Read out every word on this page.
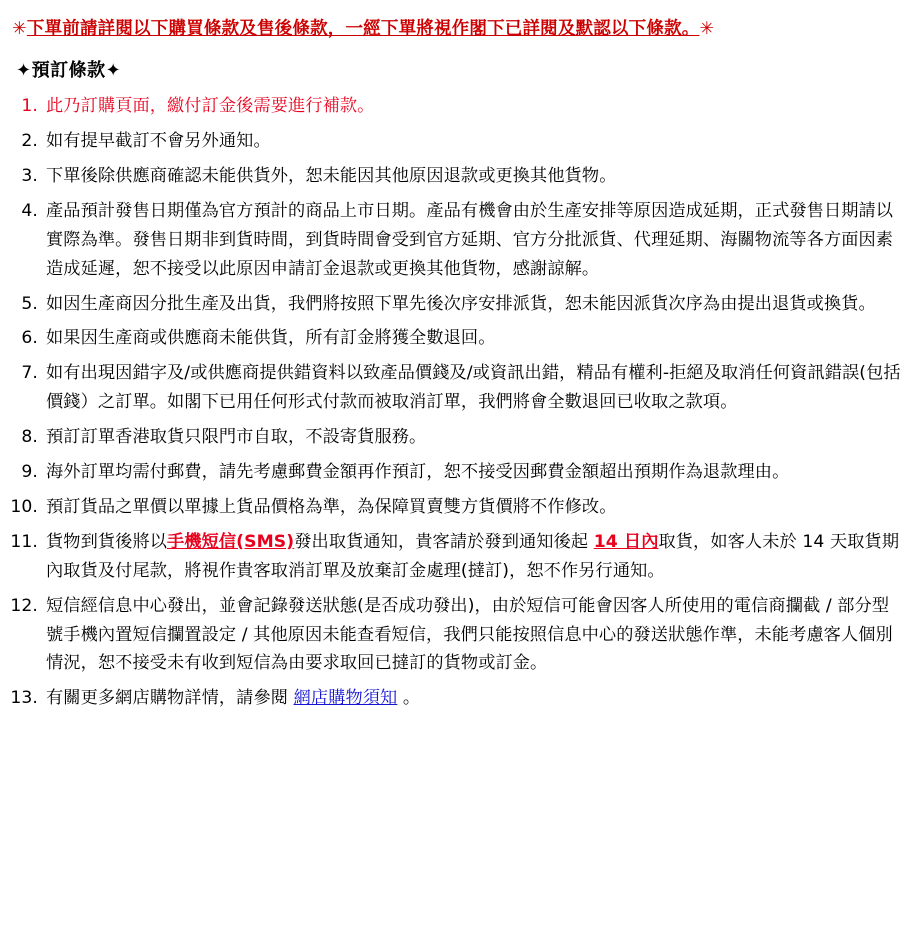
✳下單前請詳閱以下購買條款及售後條款，一經下單將視作閣下已詳閱及默認以下條款。✳
✦預訂條款✦
1. 此乃訂購頁面，繳付訂金後需要進行補款。
2. 如有提早截訂不會另外通知。
3. 下單後除供應商確認未能供貨外，恕未能因其他原因退款或更換其他貨物。
4. 產品預計發售日期僅為官方預計的商品上市日期。產品有機會由於生產安排等原因造成延期，正式發售日期請以實際為準。發售日期非到貨時間，到貨時間會受到官方延期、官方分批派貨、代理延期、海關物流等各方面因素造成延遲，恕不接受以此原因申請訂金退款或更換其他貨物，感謝諒解。
5. 如因生產商因分批生產及出貨，我們將按照下單先後次序安排派貨，恕未能因派貨次序為由提出退貨或換貨。
6. 如果因生產商或供應商未能供貨，所有訂金將獲全數退回。
7. 如有出現因錯字及/或供應商提供錯資料以致產品價錢及/或資訊出錯，精品有權利-拒絕及取消任何資訊錯誤(包括價錢）之訂單。如閣下已用任何形式付款而被取消訂單，我們將會全數退回已收取之款項。
8. 預訂訂單香港取貨只限門市自取，不設寄貨服務。
9. 海外訂單均需付郵費，請先考慮郵費金額再作預訂，恕不接受因郵費金額超出預期作為退款理由。
10. 預訂貨品之單價以單據上貨品價格為準，為保障買賣雙方貨價將不作修改。
11. 貨物到貨後將以手機短信(SMS)發出取貨通知，貴客請於發到通知後起 14 日內取貨，如客人未於 14 天取貨期內取貨及付尾款，將視作貴客取消訂單及放棄訂金處理(撻訂)，恕不作另行通知。
12. 短信經信息中心發出，並會記錄發送狀態(是否成功發出)，由於短信可能會因客人所使用的電信商攔截 / 部分型號手機內置短信攔置設定 / 其他原因未能查看短信，我們只能按照信息中心的發送狀態作準，未能考慮客人個別情況，恕不接受未有收到短信為由要求取回已撻訂的貨物或訂金。
13. 有關更多網店購物詳情，請參閱 網店購物須知 。
